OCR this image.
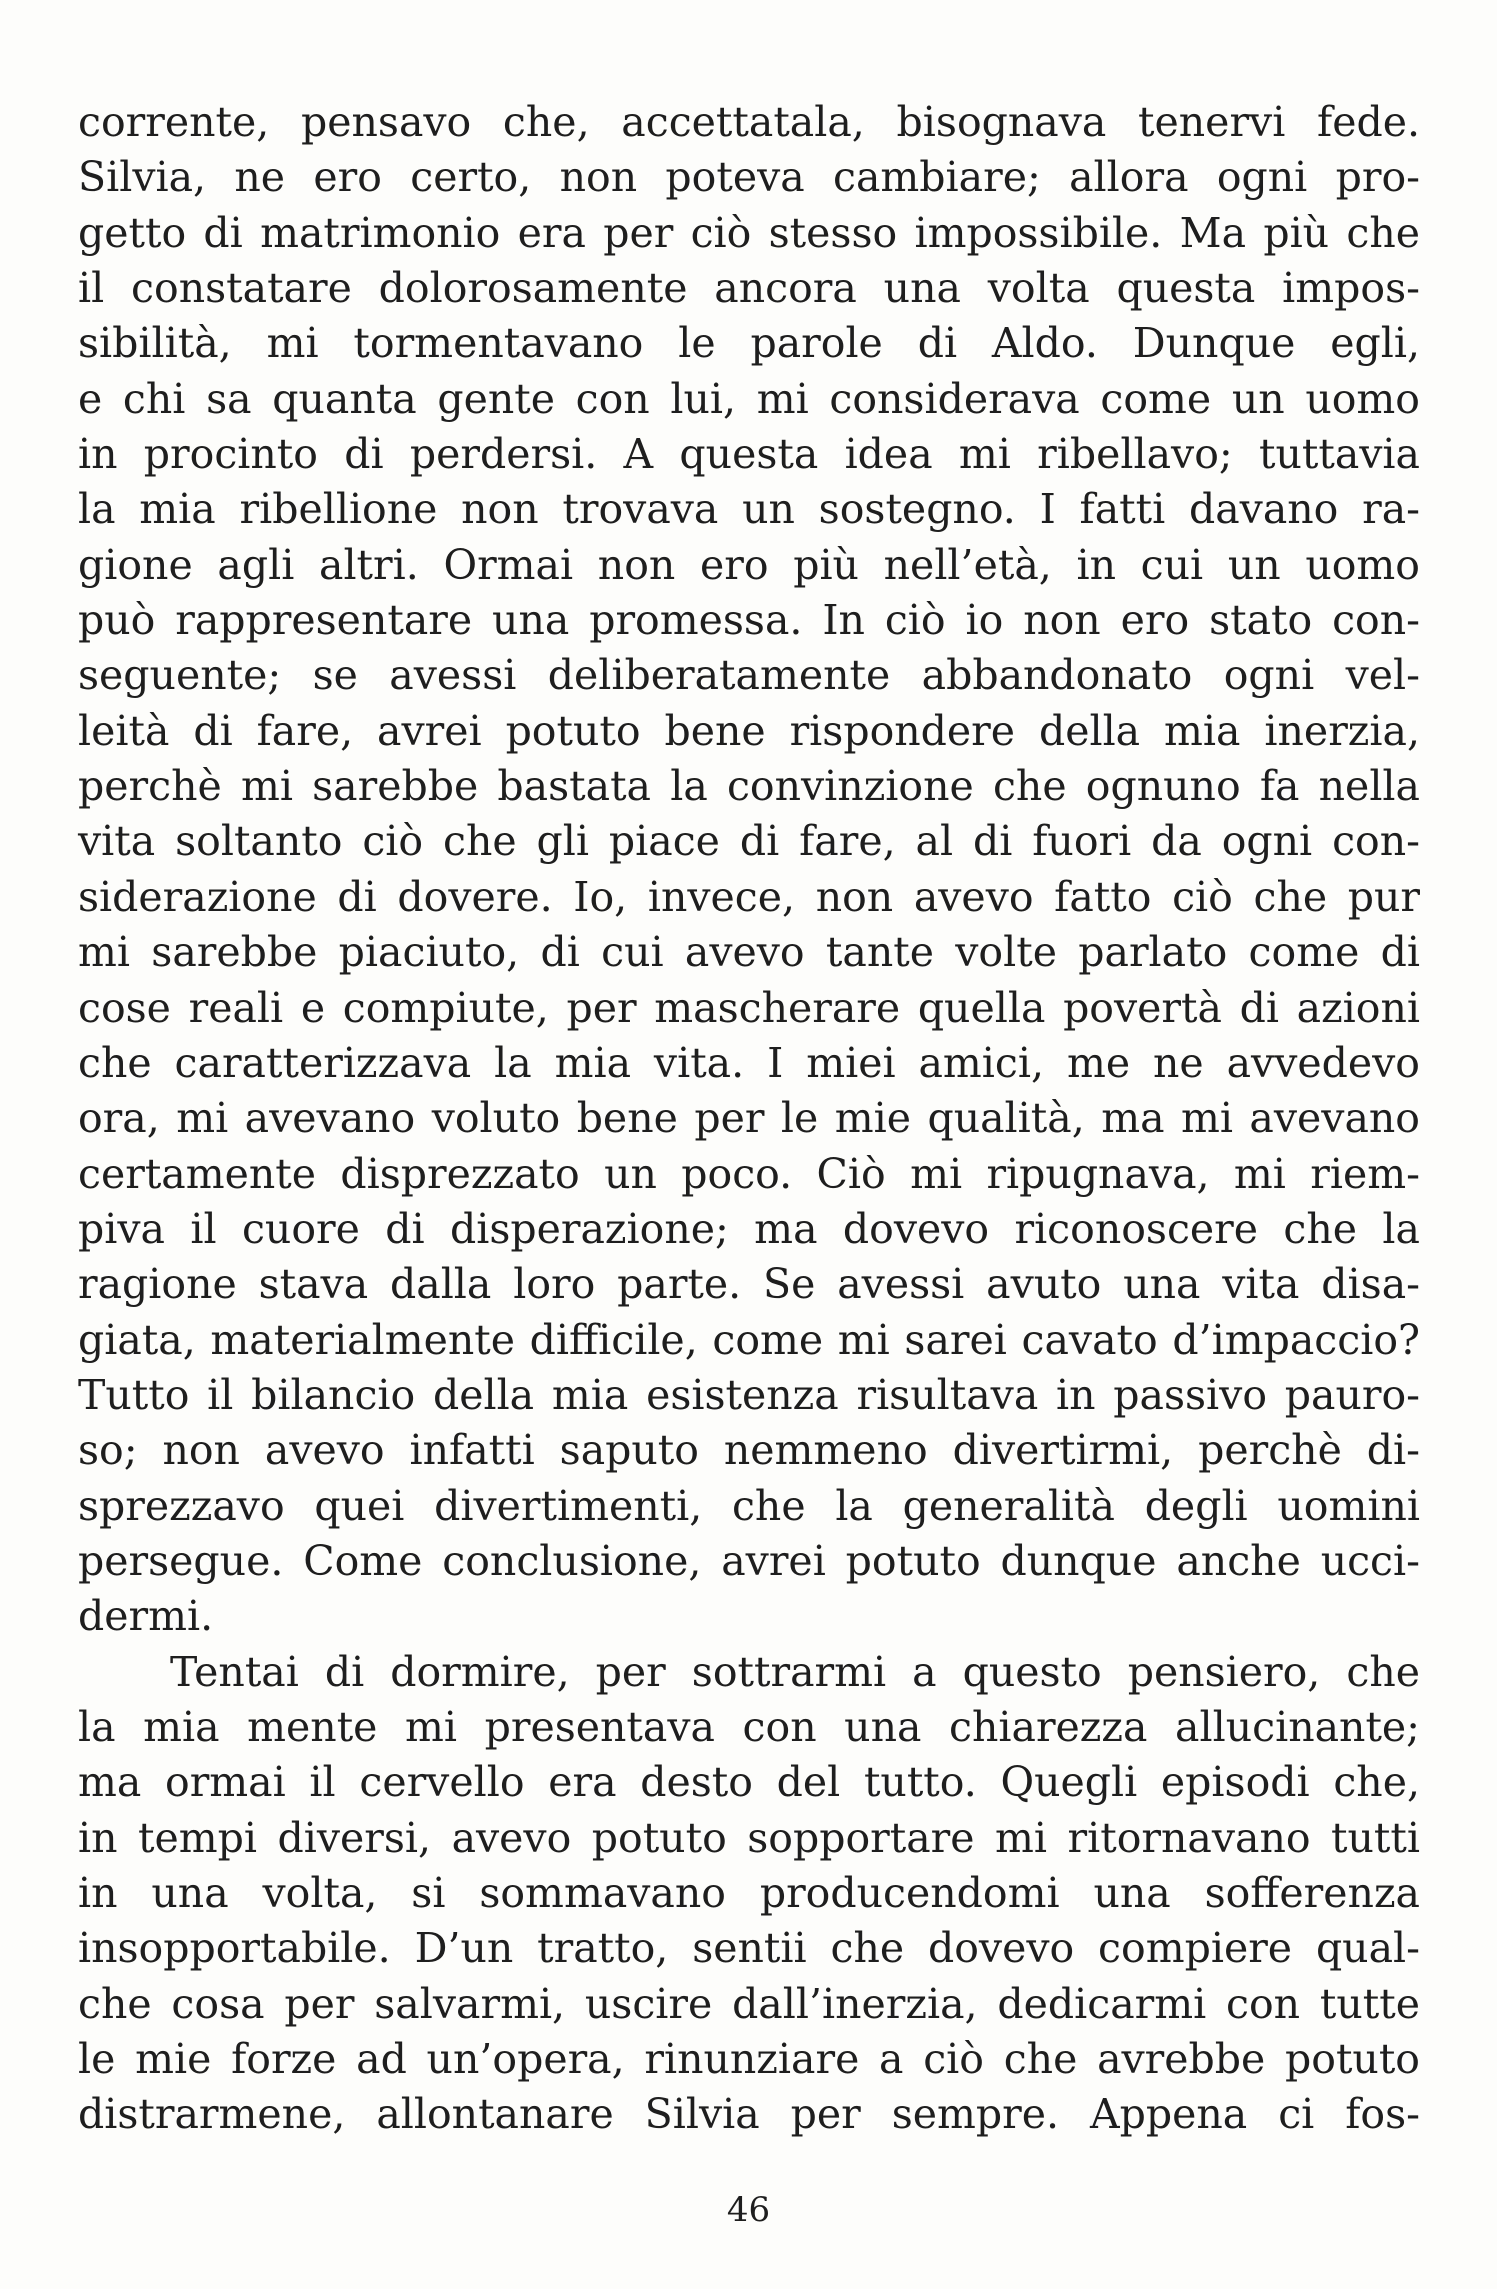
corrente, pensavo che, accettatala, bisognava tenervi fede.
Silvia, ne ero certo, non poteva cambiare; allora ogni pro-
getto di matrimonio era per ciò stesso impossibile. Ma più che
il constatare dolorosamente ancora una volta questa impos-
sibilità, mi tormentavano le parole di Aldo. Dunque egli,
e chi sa quanta gente con lui, mi considerava come un uomo
in procinto di perdersi. A questa idea mi ribellavo; tuttavia
la mia ribellione non trovava un sostegno. I fatti davano ra-
gione agli altri. Ormai non ero più nell’età, in cui un uomo
può rappresentare una promessa. In ciò io non ero stato con-
seguente; se avessi deliberatamente abbandonato ogni vel-
leità di fare, avrei potuto bene rispondere della mia inerzia,
perchè mi sarebbe bastata la convinzione che ognuno fa nella
vita soltanto ciò che gli piace di fare, al di fuori da ogni con-
siderazione di dovere. Io, invece, non avevo fatto ciò che pur
mi sarebbe piaciuto, di cui avevo tante volte parlato come di
cose reali e compiute, per mascherare quella povertà di azioni
che caratterizzava la mia vita. I miei amici, me ne avvedevo
ora, mi avevano voluto bene per le mie qualità, ma mi avevano
certamente disprezzato un poco. Ciò mi ripugnava, mi riem-
piva il cuore di disperazione; ma dovevo riconoscere che la
ragione stava dalla loro parte. Se avessi avuto una vita disa-
giata, materialmente difficile, come mi sarei cavato d’impaccio?
Tutto il bilancio della mia esistenza risultava in passivo pauro-
so; non avevo infatti saputo nemmeno divertirmi, perchè di-
sprezzavo quei divertimenti, che la generalità degli uomini
persegue. Come conclusione, avrei potuto dunque anche ucci-
dermi.
Tentai di dormire, per sottrarmi a questo pensiero, che
la mia mente mi presentava con una chiarezza allucinante;
ma ormai il cervello era desto del tutto. Quegli episodi che,
in tempi diversi, avevo potuto sopportare mi ritornavano tutti
in una volta, si sommavano producendomi una sofferenza
insopportabile. D’un tratto, sentii che dovevo compiere qual-
che cosa per salvarmi, uscire dall’inerzia, dedicarmi con tutte
le mie forze ad un’opera, rinunziare a ciò che avrebbe potuto
distrarmene, allontanare Silvia per sempre. Appena ci fos-
46
